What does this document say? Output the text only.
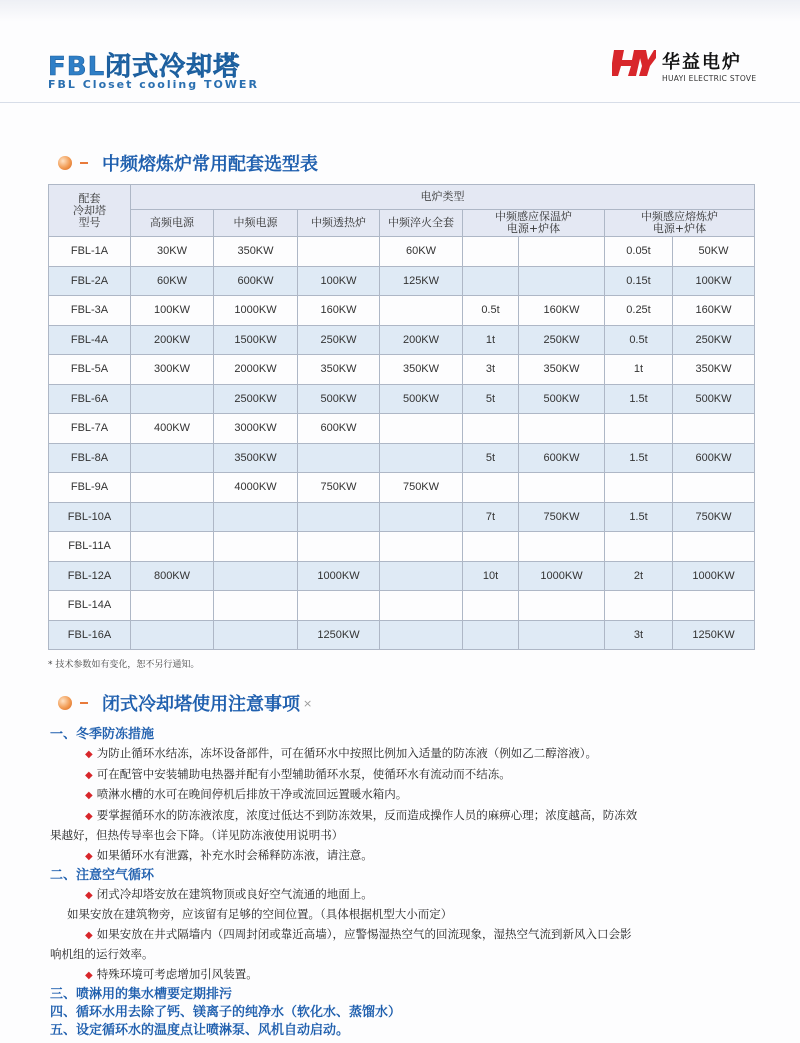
FBL闭式冷却塔
FBL Closet cooling TOWER
华益电炉
HUAYI ELECTRIC STOVE
中频熔炼炉常用配套选型表
配套
冷却塔
型号	电炉类型							
	高频电源	中频电源	中频透热炉	中频淬火全套	中频感应保温炉
电源+炉体		中频感应熔炼炉
电源+炉体	
FBL-1A	30KW	350KW		60KW			0.05t	50KW
FBL-2A	60KW	600KW	100KW	125KW			0.15t	100KW
FBL-3A	100KW	1000KW	160KW		0.5t	160KW	0.25t	160KW
FBL-4A	200KW	1500KW	250KW	200KW	1t	250KW	0.5t	250KW
FBL-5A	300KW	2000KW	350KW	350KW	3t	350KW	1t	350KW
FBL-6A		2500KW	500KW	500KW	5t	500KW	1.5t	500KW
FBL-7A	400KW	3000KW	600KW					
FBL-8A		3500KW			5t	600KW	1.5t	600KW
FBL-9A		4000KW	750KW	750KW				
FBL-10A					7t	750KW	1.5t	750KW
FBL-11A								
FBL-12A	800KW		1000KW		10t	1000KW	2t	1000KW
FBL-14A								
FBL-16A			1250KW				3t	1250KW
* 技术参数如有变化，恕不另行通知。
闭式冷却塔使用注意事项 ×
一、冬季防冻措施
◆ 为防止循环水结冻，冻坏设备部件，可在循环水中按照比例加入适量的防冻液（例如乙二醇溶液）。
◆ 可在配管中安装辅助电热器并配有小型辅助循环水泵，使循环水有流动而不结冻。
◆ 喷淋水槽的水可在晚间停机后排放干净或流回远置暖水箱内。
◆ 要掌握循环水的防冻液浓度，浓度过低达不到防冻效果，反而造成操作人员的麻痹心理；浓度越高，防冻效
果越好，但热传导率也会下降。（详见防冻液使用说明书）
◆ 如果循环水有泄露，补充水时会稀释防冻液，请注意。
二、注意空气循环
◆ 闭式冷却塔安放在建筑物顶或良好空气流通的地面上。
如果安放在建筑物旁，应该留有足够的空间位置。（具体根据机型大小而定）
◆ 如果安放在井式隔墙内（四周封闭或靠近高墙），应警惕湿热空气的回流现象，湿热空气流到新风入口会影
响机组的运行效率。
◆ 特殊环境可考虑增加引风装置。
三、喷淋用的集水槽要定期排污
四、循环水用去除了钙、镁离子的纯净水（软化水、蒸馏水）
五、设定循环水的温度点让喷淋泵、风机自动启动。
